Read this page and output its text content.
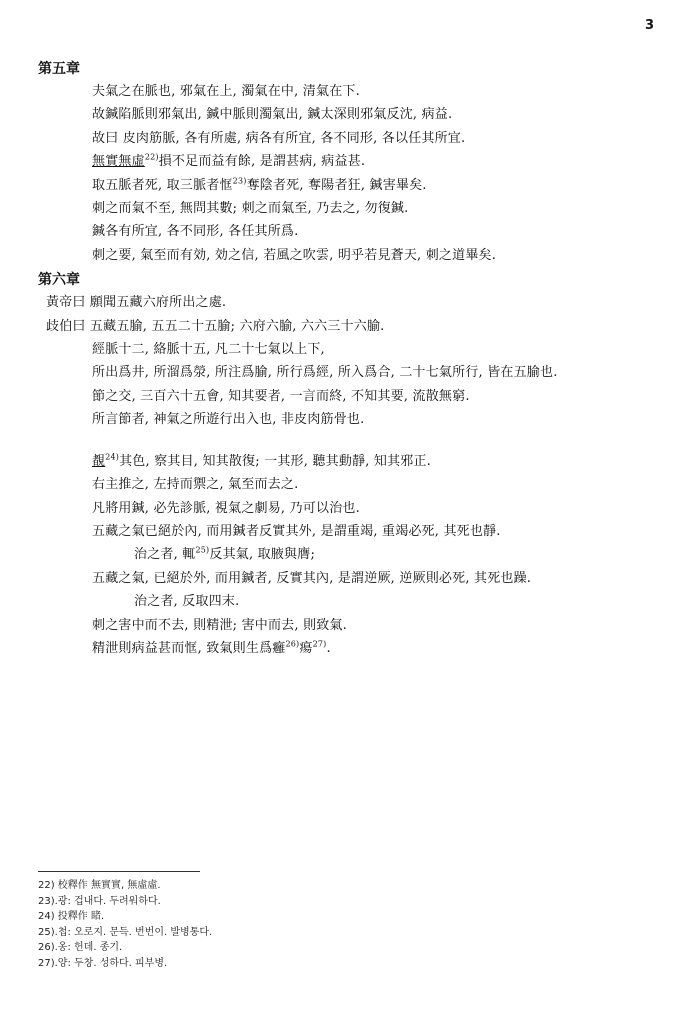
3
第五章
夫氣之在脈也, 邪氣在上, 濁氣在中, 清氣在下.
故鍼陷脈則邪氣出, 鍼中脈則濁氣出, 鍼太深則邪氣反沈, 病益.
故曰 皮肉筋脈, 各有所處, 病各有所宜, 各不同形, 各以任其所宜.
無實無虛$^{22)}$損不足而益有餘, 是謂甚病, 病益甚.
取五脈者死, 取三脈者恇$^{23)}$奪陰者死, 奪陽者狂, 鍼害畢矣.
刺之而氣不至, 無問其數; 刺之而氣至, 乃去之, 勿復鍼.
鍼各有所宜, 各不同形, 各任其所爲.
刺之要, 氣至而有効, 効之信, 若風之吹雲, 明乎若見蒼天, 刺之道畢矣.
第六章
黃帝曰 願聞五藏六府所出之處.
歧伯曰 五藏五腧, 五五二十五腧; 六府六腧, 六六三十六腧.
經脈十二, 絡脈十五, 凡二十七氣以上下,
所出爲井, 所溜爲滎, 所注爲腧, 所行爲經, 所入爲合, 二十七氣所行, 皆在五腧也.
節之交, 三百六十五會, 知其要者, 一言而終, 不知其要, 流散無窮.
所言節者, 神氣之所遊行出入也, 非皮肉筋骨也.
覩$^{24)}$其色, 察其目, 知其散復; 一其形, 聽其動靜, 知其邪正.
右主推之, 左持而禦之, 氣至而去之.
凡將用鍼, 必先診脈, 視氣之劇易, 乃可以治也.
五藏之氣已絕於內, 而用鍼者反實其外, 是謂重竭, 重竭必死, 其死也靜.
治之者, 輒$^{25)}$反其氣, 取腋與膺;
五藏之氣, 已絕於外, 而用鍼者, 反實其內, 是謂逆厥, 逆厥則必死, 其死也躁.
治之者, 反取四末.
刺之害中而不去, 則精泄; 害中而去, 則致氣.
精泄則病益甚而恇, 致氣則生爲癰$^{26)}$瘍$^{27)}$.
22) 校釋作 無實實, 無虛虛.
23).광: 겁내다. 두려워하다.
24) 投釋作 睹.
25).첩: 오로지. 문득. 번번이. 발병통다.
26).옹: 헌데. 종기.
27).양: 두창. 성하다. 피부병.
